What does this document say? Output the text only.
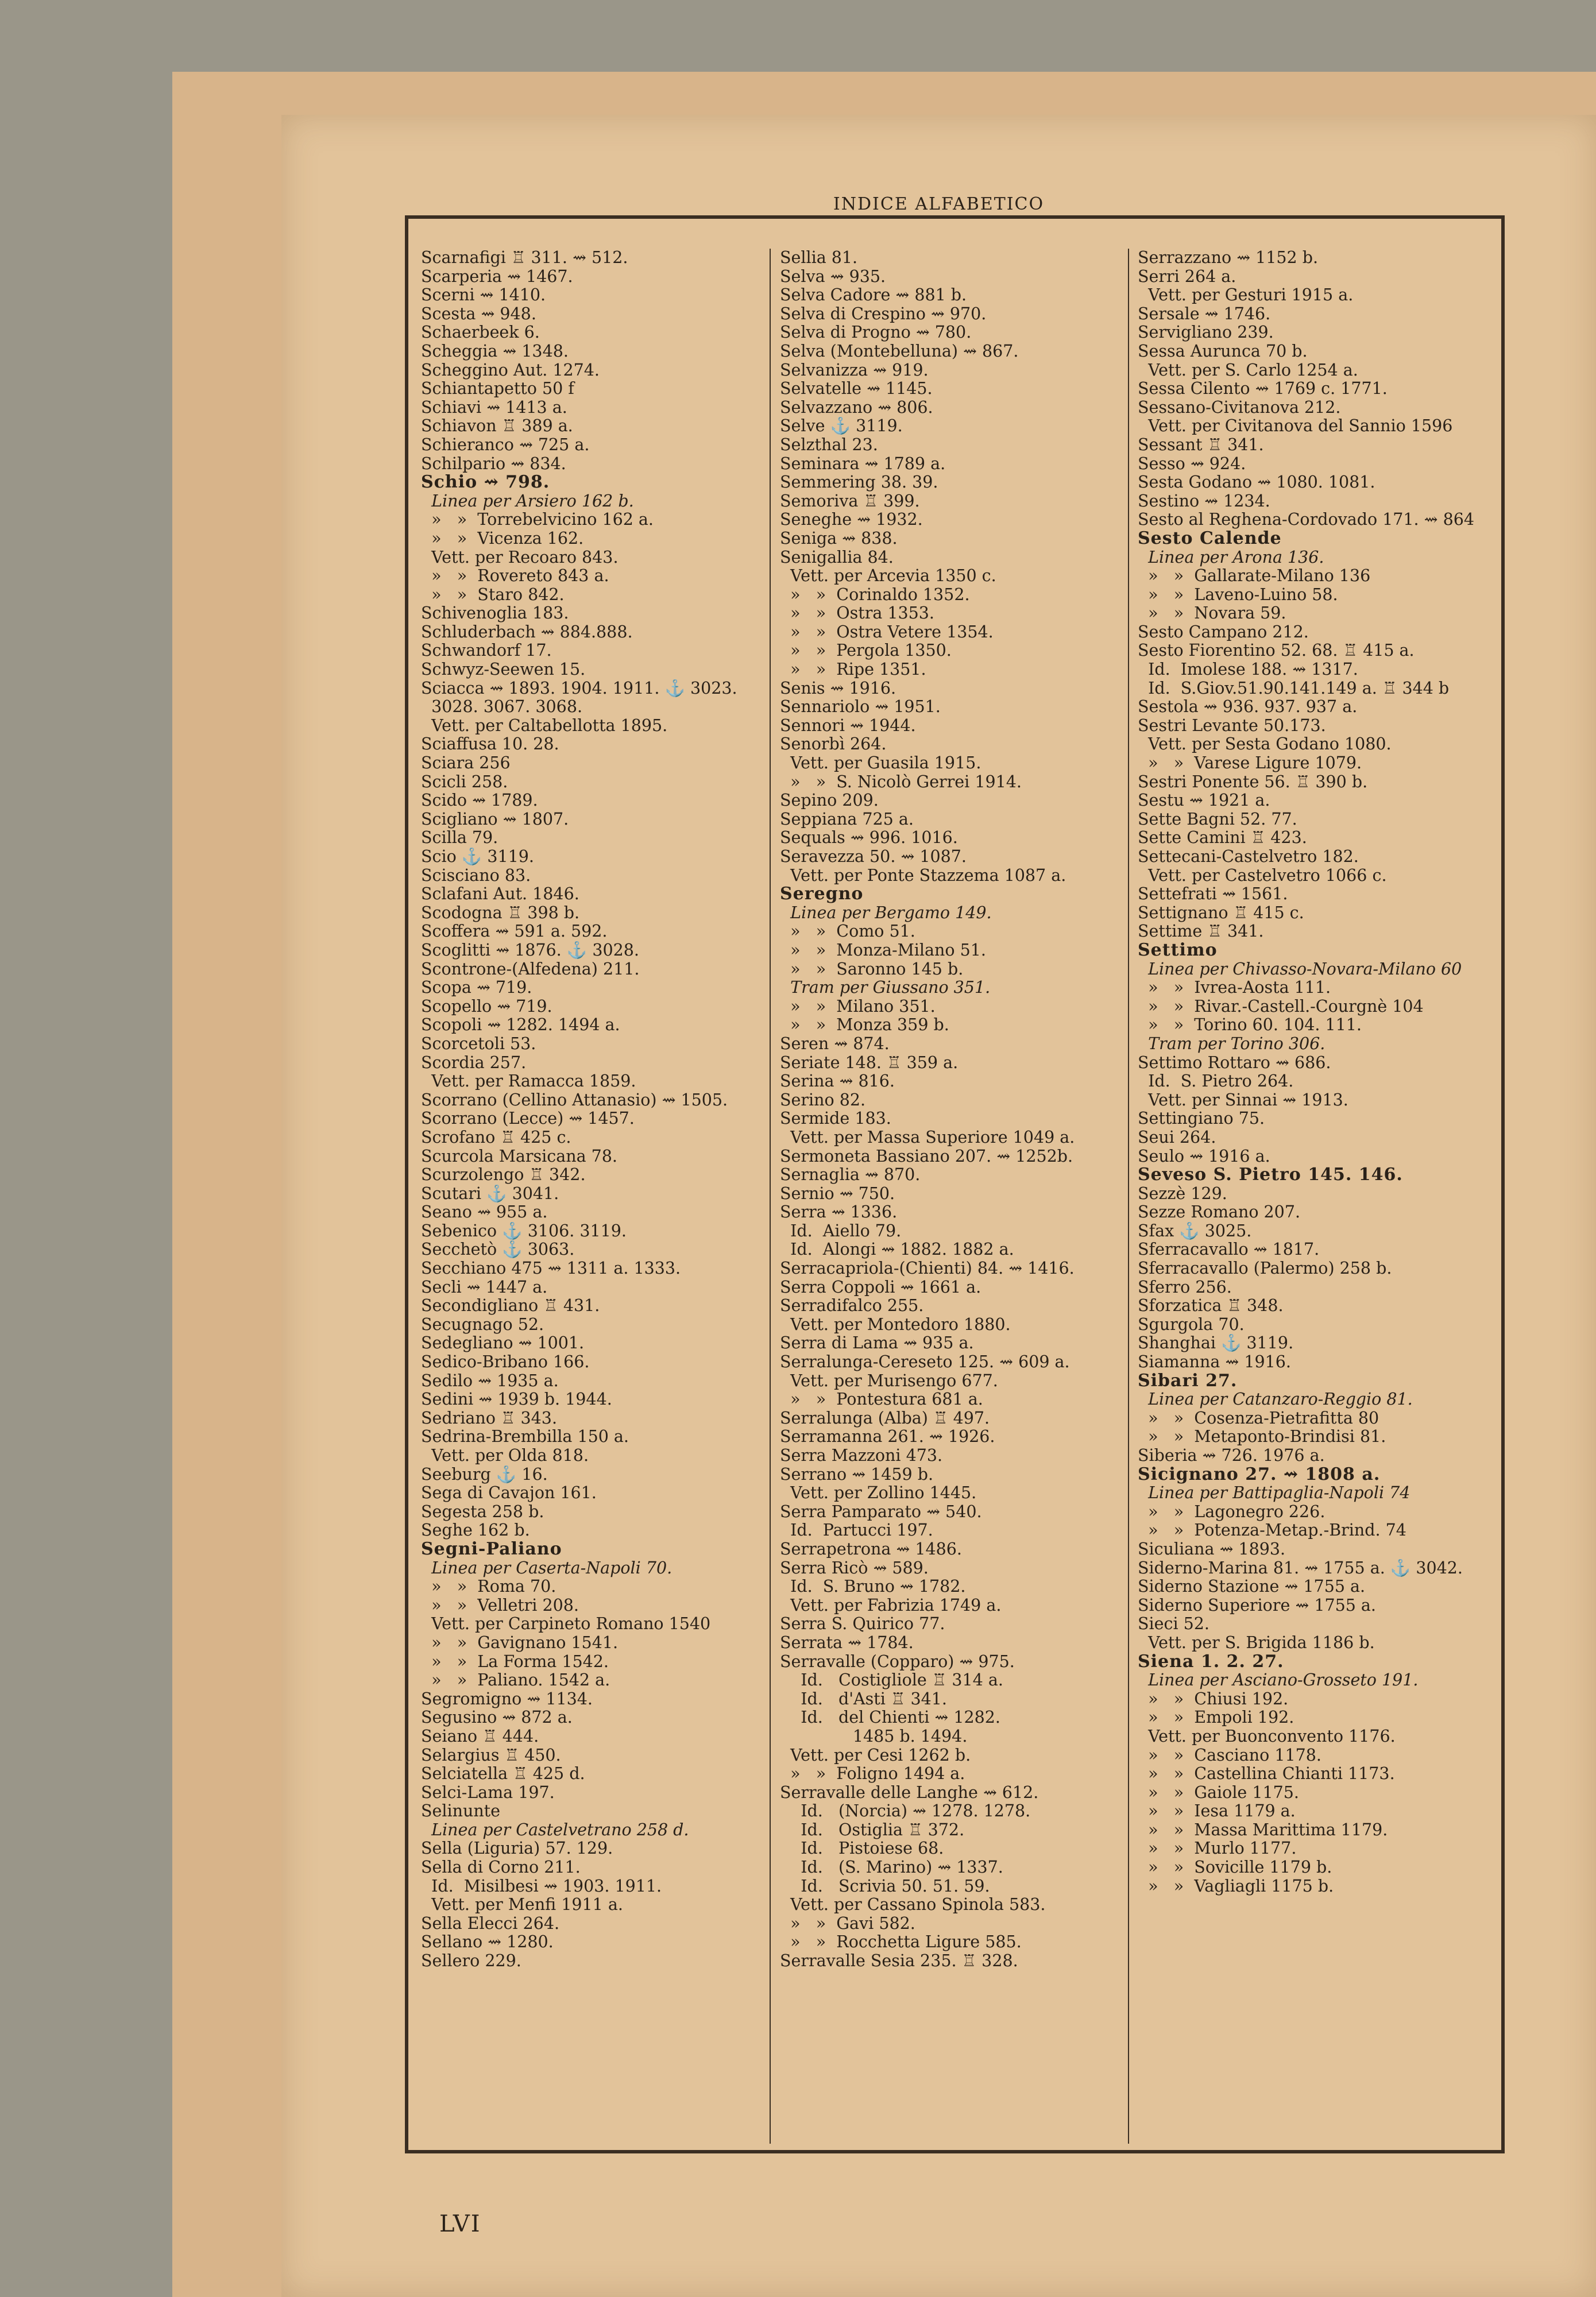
INDICE ALFABETICO
Scarnafigi ♖ 311. ⇝ 512.
Scarperia ⇝ 1467.
Scerni ⇝ 1410.
Scesta ⇝ 948.
Schaerbeek 6.
Scheggia ⇝ 1348.
Scheggino Aut. 1274.
Schiantapetto 50 f
Schiavi ⇝ 1413 a.
Schiavon ♖ 389 a.
Schieranco ⇝ 725 a.
Schilpario ⇝ 834.
Schio ⇝ 798.
Linea per Arsiero 162 b.
»   »  Torrebelvicino 162 a.
»   »  Vicenza 162.
Vett. per Recoaro 843.
»   »  Rovereto 843 a.
»   »  Staro 842.
Schivenoglia 183.
Schluderbach ⇝ 884.888.
Schwandorf 17.
Schwyz-Seewen 15.
Sciacca ⇝ 1893. 1904. 1911. ⚓ 3023.
3028. 3067. 3068.
Vett. per Caltabellotta 1895.
Sciaffusa 10. 28.
Sciara 256
Scicli 258.
Scido ⇝ 1789.
Scigliano ⇝ 1807.
Scilla 79.
Scio ⚓ 3119.
Scisciano 83.
Sclafani Aut. 1846.
Scodogna ♖ 398 b.
Scoffera ⇝ 591 a. 592.
Scoglitti ⇝ 1876. ⚓ 3028.
Scontrone-(Alfedena) 211.
Scopa ⇝ 719.
Scopello ⇝ 719.
Scopoli ⇝ 1282. 1494 a.
Scorcetoli 53.
Scordia 257.
Vett. per Ramacca 1859.
Scorrano (Cellino Attanasio) ⇝ 1505.
Scorrano (Lecce) ⇝ 1457.
Scrofano ♖ 425 c.
Scurcola Marsicana 78.
Scurzolengo ♖ 342.
Scutari ⚓ 3041.
Seano ⇝ 955 a.
Sebenico ⚓ 3106. 3119.
Secchetò ⚓ 3063.
Secchiano 475 ⇝ 1311 a. 1333.
Secli ⇝ 1447 a.
Secondigliano ♖ 431.
Secugnago 52.
Sedegliano ⇝ 1001.
Sedico-Bribano 166.
Sedilo ⇝ 1935 a.
Sedini ⇝ 1939 b. 1944.
Sedriano ♖ 343.
Sedrina-Brembilla 150 a.
Vett. per Olda 818.
Seeburg ⚓ 16.
Sega di Cavajon 161.
Segesta 258 b.
Seghe 162 b.
Segni-Paliano
Linea per Caserta-Napoli 70.
»   »  Roma 70.
»   »  Velletri 208.
Vett. per Carpineto Romano 1540
»   »  Gavignano 1541.
»   »  La Forma 1542.
»   »  Paliano. 1542 a.
Segromigno ⇝ 1134.
Segusino ⇝ 872 a.
Seiano ♖ 444.
Selargius ♖ 450.
Selciatella ♖ 425 d.
Selci-Lama 197.
Selinunte
Linea per Castelvetrano 258 d.
Sella (Liguria) 57. 129.
Sella di Corno 211.
Id.  Misilbesi ⇝ 1903. 1911.
Vett. per Menfi 1911 a.
Sella Elecci 264.
Sellano ⇝ 1280.
Sellero 229.
Sellia 81.
Selva ⇝ 935.
Selva Cadore ⇝ 881 b.
Selva di Crespino ⇝ 970.
Selva di Progno ⇝ 780.
Selva (Montebelluna) ⇝ 867.
Selvanizza ⇝ 919.
Selvatelle ⇝ 1145.
Selvazzano ⇝ 806.
Selve ⚓ 3119.
Selzthal 23.
Seminara ⇝ 1789 a.
Semmering 38. 39.
Semoriva ♖ 399.
Seneghe ⇝ 1932.
Seniga ⇝ 838.
Senigallia 84.
Vett. per Arcevia 1350 c.
»   »  Corinaldo 1352.
»   »  Ostra 1353.
»   »  Ostra Vetere 1354.
»   »  Pergola 1350.
»   »  Ripe 1351.
Senis ⇝ 1916.
Sennariolo ⇝ 1951.
Sennori ⇝ 1944.
Senorbì 264.
Vett. per Guasila 1915.
»   »  S. Nicolò Gerrei 1914.
Sepino 209.
Seppiana 725 a.
Sequals ⇝ 996. 1016.
Seravezza 50. ⇝ 1087.
Vett. per Ponte Stazzema 1087 a.
Seregno
Linea per Bergamo 149.
»   »  Como 51.
»   »  Monza-Milano 51.
»   »  Saronno 145 b.
Tram per Giussano 351.
»   »  Milano 351.
»   »  Monza 359 b.
Seren ⇝ 874.
Seriate 148. ♖ 359 a.
Serina ⇝ 816.
Serino 82.
Sermide 183.
Vett. per Massa Superiore 1049 a.
Sermoneta Bassiano 207. ⇝ 1252b.
Sernaglia ⇝ 870.
Sernio ⇝ 750.
Serra ⇝ 1336.
Id.  Aiello 79.
Id.  Alongi ⇝ 1882. 1882 a.
Serracapriola-(Chienti) 84. ⇝ 1416.
Serra Coppoli ⇝ 1661 a.
Serradifalco 255.
Vett. per Montedoro 1880.
Serra di Lama ⇝ 935 a.
Serralunga-Cereseto 125. ⇝ 609 a.
Vett. per Murisengo 677.
»   »  Pontestura 681 a.
Serralunga (Alba) ♖ 497.
Serramanna 261. ⇝ 1926.
Serra Mazzoni 473.
Serrano ⇝ 1459 b.
Vett. per Zollino 1445.
Serra Pamparato ⇝ 540.
Id.  Partucci 197.
Serrapetrona ⇝ 1486.
Serra Ricò ⇝ 589.
Id.  S. Bruno ⇝ 1782.
Vett. per Fabrizia 1749 a.
Serra S. Quirico 77.
Serrata ⇝ 1784.
Serravalle (Copparo) ⇝ 975.
Id.   Costigliole ♖ 314 a.
Id.   d'Asti ♖ 341.
Id.   del Chienti ⇝ 1282.
1485 b. 1494.
Vett. per Cesi 1262 b.
»   »  Foligno 1494 a.
Serravalle delle Langhe ⇝ 612.
Id.   (Norcia) ⇝ 1278. 1278.
Id.   Ostiglia ♖ 372.
Id.   Pistoiese 68.
Id.   (S. Marino) ⇝ 1337.
Id.   Scrivia 50. 51. 59.
Vett. per Cassano Spinola 583.
»   »  Gavi 582.
»   »  Rocchetta Ligure 585.
Serravalle Sesia 235. ♖ 328.
Serrazzano ⇝ 1152 b.
Serri 264 a.
Vett. per Gesturi 1915 a.
Sersale ⇝ 1746.
Servigliano 239.
Sessa Aurunca 70 b.
Vett. per S. Carlo 1254 a.
Sessa Cilento ⇝ 1769 c. 1771.
Sessano-Civitanova 212.
Vett. per Civitanova del Sannio 1596
Sessant ♖ 341.
Sesso ⇝ 924.
Sesta Godano ⇝ 1080. 1081.
Sestino ⇝ 1234.
Sesto al Reghena-Cordovado 171. ⇝ 864
Sesto Calende
Linea per Arona 136.
»   »  Gallarate-Milano 136
»   »  Laveno-Luino 58.
»   »  Novara 59.
Sesto Campano 212.
Sesto Fiorentino 52. 68. ♖ 415 a.
Id.  Imolese 188. ⇝ 1317.
Id.  S.Giov.51.90.141.149 a. ♖ 344 b
Sestola ⇝ 936. 937. 937 a.
Sestri Levante 50.173.
Vett. per Sesta Godano 1080.
»   »  Varese Ligure 1079.
Sestri Ponente 56. ♖ 390 b.
Sestu ⇝ 1921 a.
Sette Bagni 52. 77.
Sette Camini ♖ 423.
Settecani-Castelvetro 182.
Vett. per Castelvetro 1066 c.
Settefrati ⇝ 1561.
Settignano ♖ 415 c.
Settime ♖ 341.
Settimo
Linea per Chivasso-Novara-Milano 60
»   »  Ivrea-Aosta 111.
»   »  Rivar.-Castell.-Courgnè 104
»   »  Torino 60. 104. 111.
Tram per Torino 306.
Settimo Rottaro ⇝ 686.
Id.  S. Pietro 264.
Vett. per Sinnai ⇝ 1913.
Settingiano 75.
Seui 264.
Seulo ⇝ 1916 a.
Seveso S. Pietro 145. 146.
Sezzè 129.
Sezze Romano 207.
Sfax ⚓ 3025.
Sferracavallo ⇝ 1817.
Sferracavallo (Palermo) 258 b.
Sferro 256.
Sforzatica ♖ 348.
Sgurgola 70.
Shanghai ⚓ 3119.
Siamanna ⇝ 1916.
Sibari 27.
Linea per Catanzaro-Reggio 81.
»   »  Cosenza-Pietrafitta 80
»   »  Metaponto-Brindisi 81.
Siberia ⇝ 726. 1976 a.
Sicignano 27. ⇝ 1808 a.
Linea per Battipaglia-Napoli 74
»   »  Lagonegro 226.
»   »  Potenza-Metap.-Brind. 74
Siculiana ⇝ 1893.
Siderno-Marina 81. ⇝ 1755 a. ⚓ 3042.
Siderno Stazione ⇝ 1755 a.
Siderno Superiore ⇝ 1755 a.
Sieci 52.
Vett. per S. Brigida 1186 b.
Siena 1. 2. 27.
Linea per Asciano-Grosseto 191.
»   »  Chiusi 192.
»   »  Empoli 192.
Vett. per Buonconvento 1176.
»   »  Casciano 1178.
»   »  Castellina Chianti 1173.
»   »  Gaiole 1175.
»   »  Iesa 1179 a.
»   »  Massa Marittima 1179.
»   »  Murlo 1177.
»   »  Sovicille 1179 b.
»   »  Vagliagli 1175 b.
LVI
